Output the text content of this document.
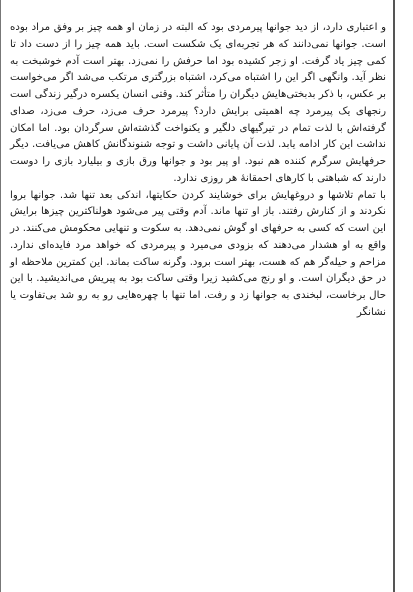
و اعتباری دارد، از دید جوانها پیرمردی بود که البته در زمان او همه چیز بر وفق مراد بوده است. جوانها نمی‌دانند که هر تجربه‌ای یک شکست است. باید همه چیز را از دست داد تا کمی چیز یاد گرفت. او زجر کشیده بود اما حرفش را نمی‌زد. بهتر است آدم خوشبخت به نظر آید. وانگهی اگر این را اشتباه می‌کرد، اشتباه بزرگتری مرتکب می‌شد اگر می‌خواست بر عکس، با ذکر بدبختی‌هایش دیگران را متأثر کند. وقتی انسان یکسره درگیر زندگی است رنجهای یک پیرمرد چه اهمیتی برایش دارد؟ پیرمرد حرف می‌زد، حرف می‌زد، صدای گرفته‌اش با لذت تمام در تیرگیهای دلگیر و یکنواخت گذشته‌اش سرگردان بود. اما امکان نداشت این کار ادامه یابد. لذت آن پایانی داشت و توجه شنوندگانش کاهش می‌یافت. دیگر حرفهایش سرگرم کننده هم نبود. او پیر بود و جوانها ورق بازی و بیلیارد بازی را دوست دارند که شباهتی با کارهای احمقانهٔ هر روزی ندارد.

با تمام تلاشها و دروغهایش برای خوشایند کردن حکایتها، اندکی بعد تنها شد. جوانها بروا نکردند و از کنارش رفتند. باز او تنها ماند. آدم وقتی پیر می‌شود هولناکترین چیزها برایش این است که کسی به حرفهای او گوش نمی‌دهد. به سکوت و تنهایی محکومش می‌کنند. در واقع به او هشدار می‌دهند که بزودی می‌میرد و پیرمردی که خواهد مرد فایده‌ای ندارد. مزاحم و حیله‌گر هم که هست، بهتر است برود. وگرنه ساکت بماند. این کمترین ملاحظه او در حق دیگران است. و او رنج می‌کشید زیرا وقتی ساکت بود به پیریش می‌اندیشید. با این حال برخاست، لبخندی به جوانها زد و رفت. اما تنها با چهره‌هایی رو به رو شد بی‌تفاوت یا نشانگر
